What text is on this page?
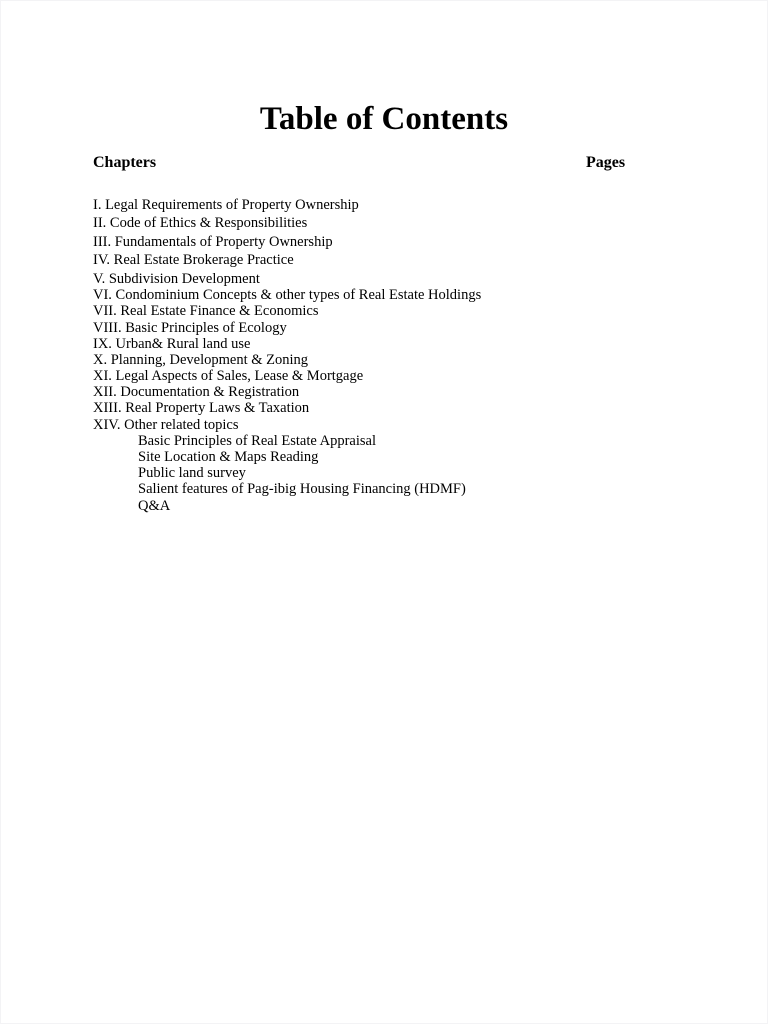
Table of Contents
Chapters	Pages
I. Legal Requirements of Property Ownership
II. Code of Ethics & Responsibilities
III. Fundamentals of Property Ownership
IV. Real Estate Brokerage Practice
V. Subdivision Development
VI. Condominium Concepts & other types of Real Estate Holdings
VII. Real Estate Finance & Economics
VIII. Basic Principles of Ecology
IX. Urban& Rural land use
X. Planning, Development & Zoning
XI. Legal Aspects of Sales, Lease & Mortgage
XII. Documentation & Registration
XIII. Real Property Laws & Taxation
XIV. Other related topics
Basic Principles of Real Estate Appraisal
Site Location & Maps Reading
Public land survey
Salient features of Pag-ibig Housing Financing (HDMF)
Q&A
